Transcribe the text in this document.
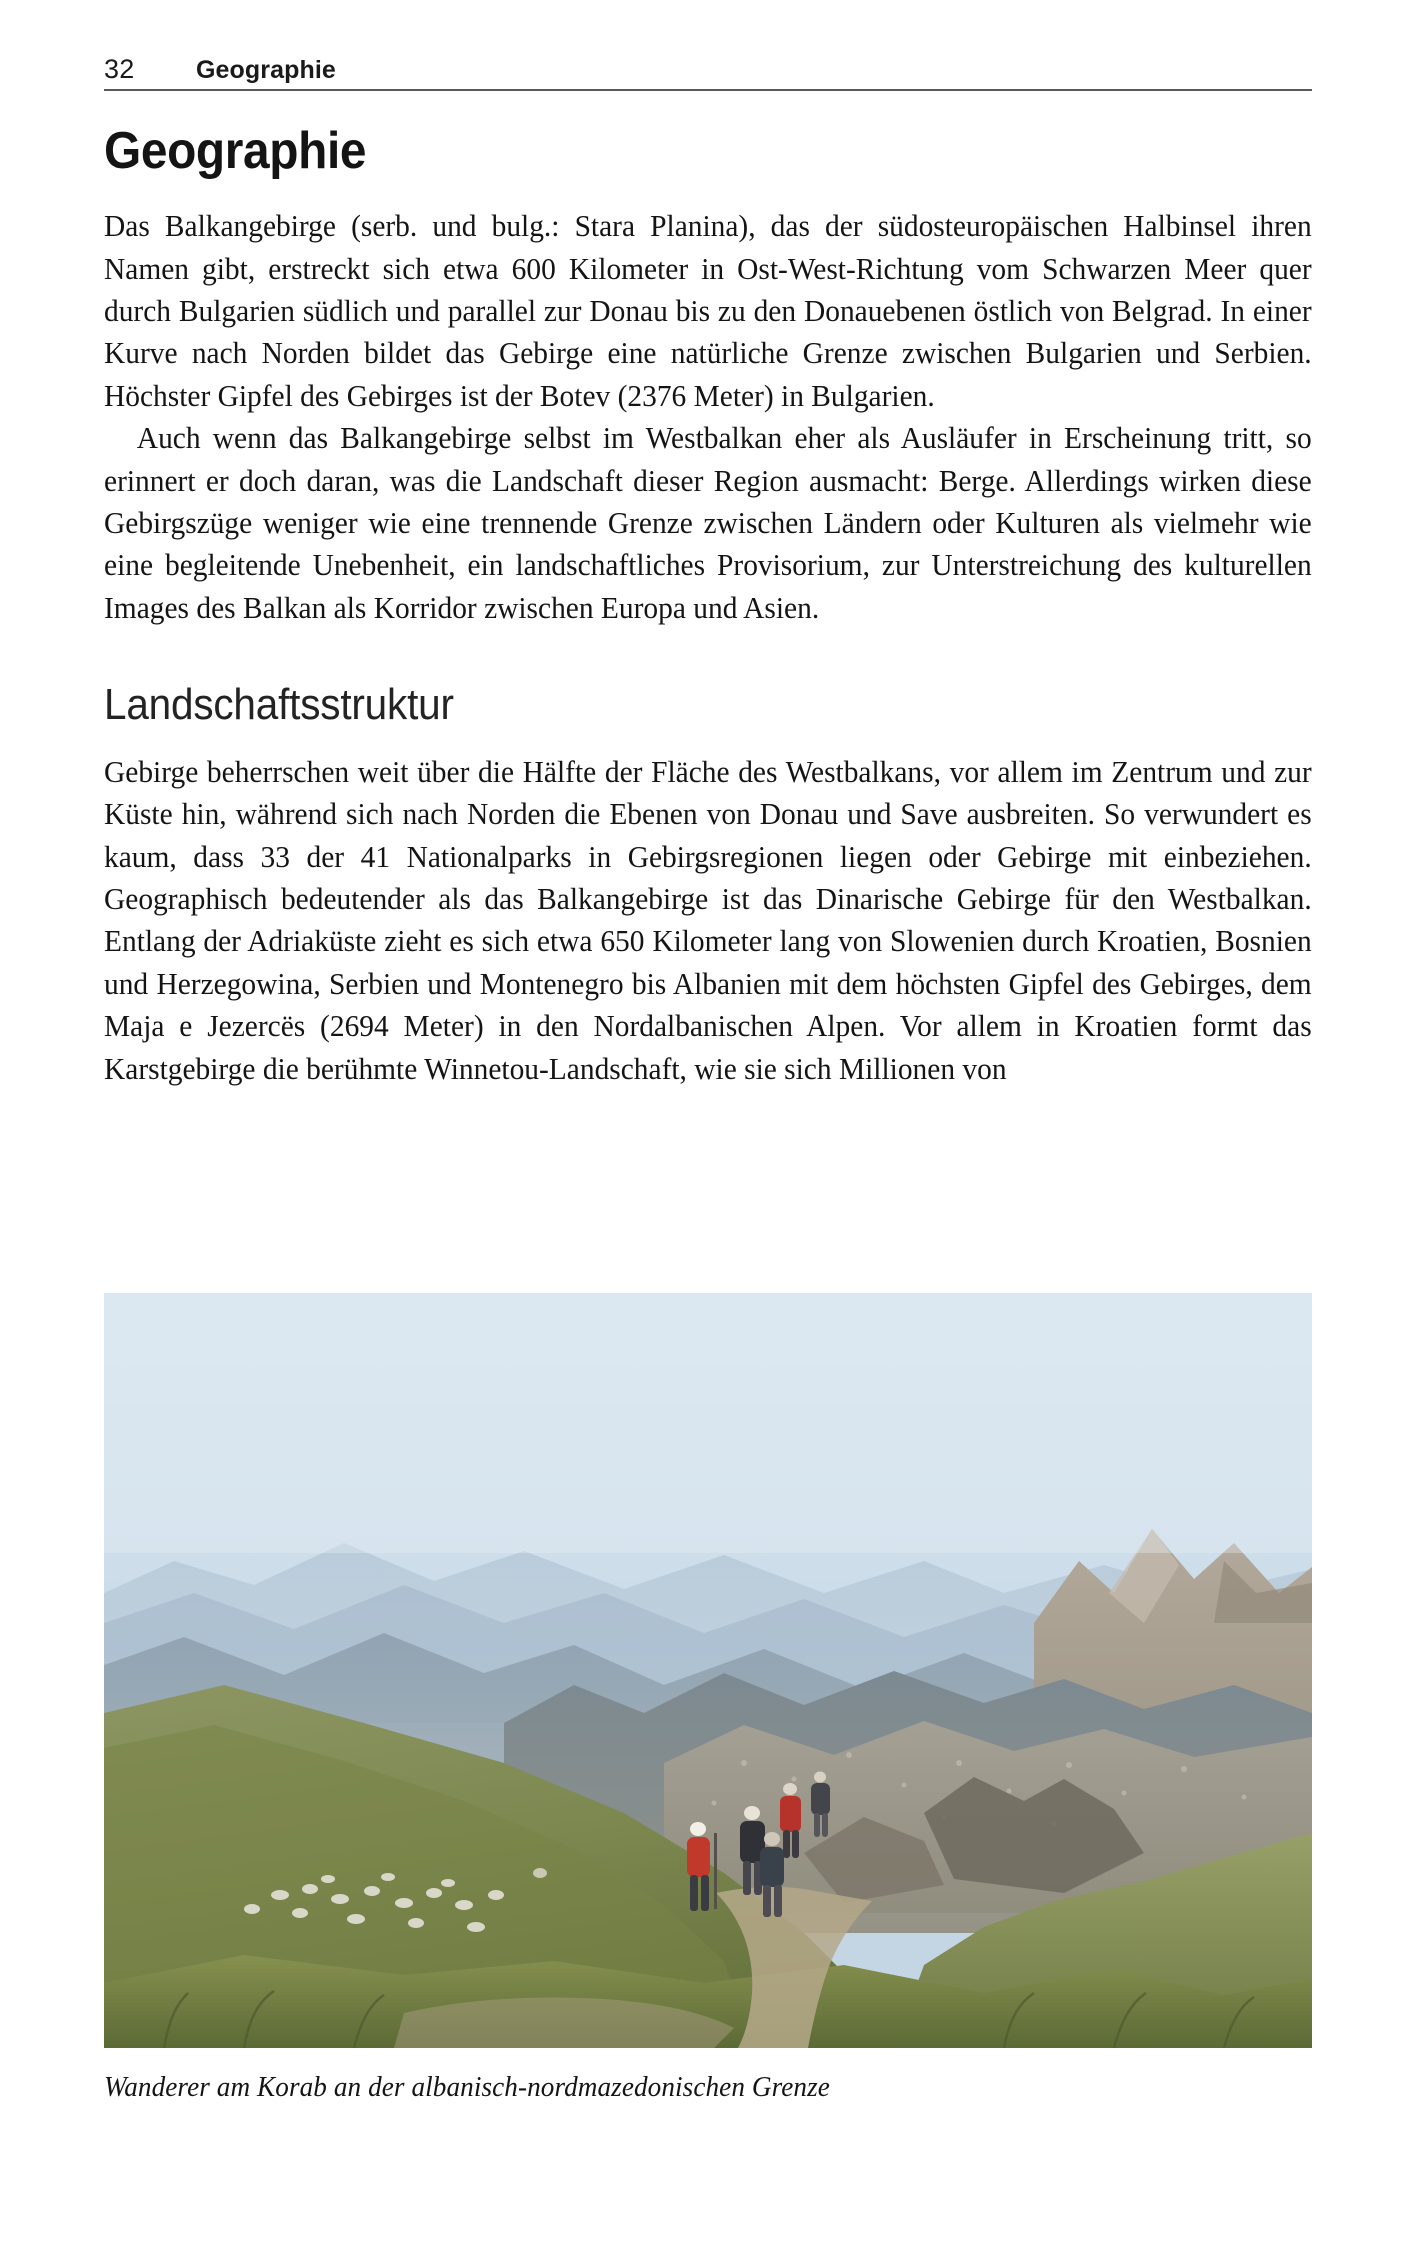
32	Geographie
Geographie

Das Balkangebirge (serb. und bulg.: Stara Planina), das der südosteuropäischen Halbinsel ihren Namen gibt, erstreckt sich etwa 600 Kilometer in Ost-West-Richtung vom Schwarzen Meer quer durch Bulgarien südlich und parallel zur Donau bis zu den Donauebenen östlich von Belgrad. In einer Kurve nach Norden bildet das Gebirge eine natürliche Grenze zwischen Bulgarien und Serbien. Höchster Gipfel des Gebirges ist der Botev (2376 Meter) in Bulgarien.

Auch wenn das Balkangebirge selbst im Westbalkan eher als Ausläufer in Erscheinung tritt, so erinnert er doch daran, was die Landschaft dieser Region ausmacht: Berge. Allerdings wirken diese Gebirgszüge weniger wie eine trennende Grenze zwischen Ländern oder Kulturen als vielmehr wie eine begleitende Unebenheit, ein landschaftliches Provisorium, zur Unterstreichung des kulturellen Images des Balkan als Korridor zwischen Europa und Asien.

Landschaftsstruktur

Gebirge beherrschen weit über die Hälfte der Fläche des Westbalkans, vor allem im Zentrum und zur Küste hin, während sich nach Norden die Ebenen von Donau und Save ausbreiten. So verwundert es kaum, dass 33 der 41 Nationalparks in Gebirgsregionen liegen oder Gebirge mit einbeziehen. Geographisch bedeutender als das Balkangebirge ist das Dinarische Gebirge für den Westbalkan. Entlang der Adriaküste zieht es sich etwa 650 Kilometer lang von Slowenien durch Kroatien, Bosnien und Herzegowina, Serbien und Montenegro bis Albanien mit dem höchsten Gipfel des Gebirges, dem Maja e Jezercës (2694 Meter) in den Nordalbanischen Alpen. Vor allem in Kroatien formt das Karstgebirge die berühmte Winnetou-Landschaft, wie sie sich Millionen von

Wanderer am Korab an der albanisch-nordmazedonischen Grenze
